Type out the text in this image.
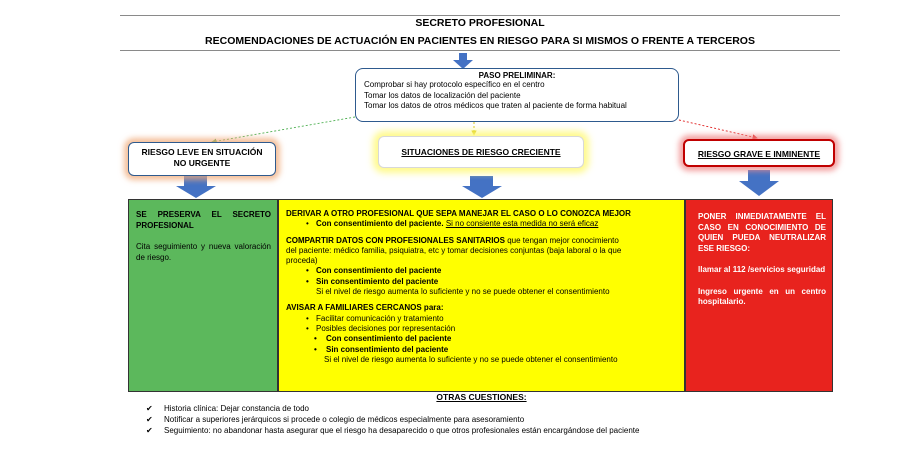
SECRETO PROFESIONAL
RECOMENDACIONES DE ACTUACIÓN EN PACIENTES EN RIESGO PARA SI MISMOS O FRENTE A TERCEROS
PASO PRELIMINAR:
Comprobar si hay protocolo específico en el centro
Tomar los datos de localización del paciente
Tomar los datos de otros médicos que traten al paciente de forma habitual
RIESGO LEVE EN SITUACIÓN
NO URGENTE
SITUACIONES DE RIESGO CRECIENTE	RIESGO GRAVE E INMINENTE
SE PRESERVA EL SECRETO PROFESIONAL
Cita seguimiento y nueva valoración de riesgo.

DERIVAR A OTRO PROFESIONAL QUE SEPA MANEJAR EL CASO O LO CONOZCA MEJOR

• Con consentimiento del paciente. Si no consiente esta medida no será eficaz

COMPARTIR DATOS CON PROFESIONALES SANITARIOS que tengan mejor conocimiento

del paciente: médico familia, psiquiatra, etc y tomar decisiones conjuntas (baja laboral o la que

proceda)

• Con consentimiento del paciente

• Sin consentimiento del paciente

Si el nivel de riesgo aumenta lo suficiente y no se puede obtener el consentimiento

AVISAR A FAMILIARES CERCANOS para:

• Facilitar comunicación y tratamiento

• Posibles decisiones por representación

• Con consentimiento del paciente

• Sin consentimiento del paciente

Si el nivel de riesgo aumenta lo suficiente y no se puede obtener el consentimiento

PONER INMEDIATAMENTE EL CASO EN CONOCIMIENTO DE QUIEN PUEDA NEUTRALIZAR ESE RIESGO:
llamar al 112 /servicios seguridad
Ingreso urgente en un centro hospitalario.
OTRAS CUESTIONES:
✔ Historia clínica: Dejar constancia de todo
✔ Notificar a superiores jerárquicos si procede o colegio de médicos especialmente para asesoramiento
✔ Seguimiento: no abandonar hasta asegurar que el riesgo ha desaparecido o que otros profesionales están encargándose del paciente
